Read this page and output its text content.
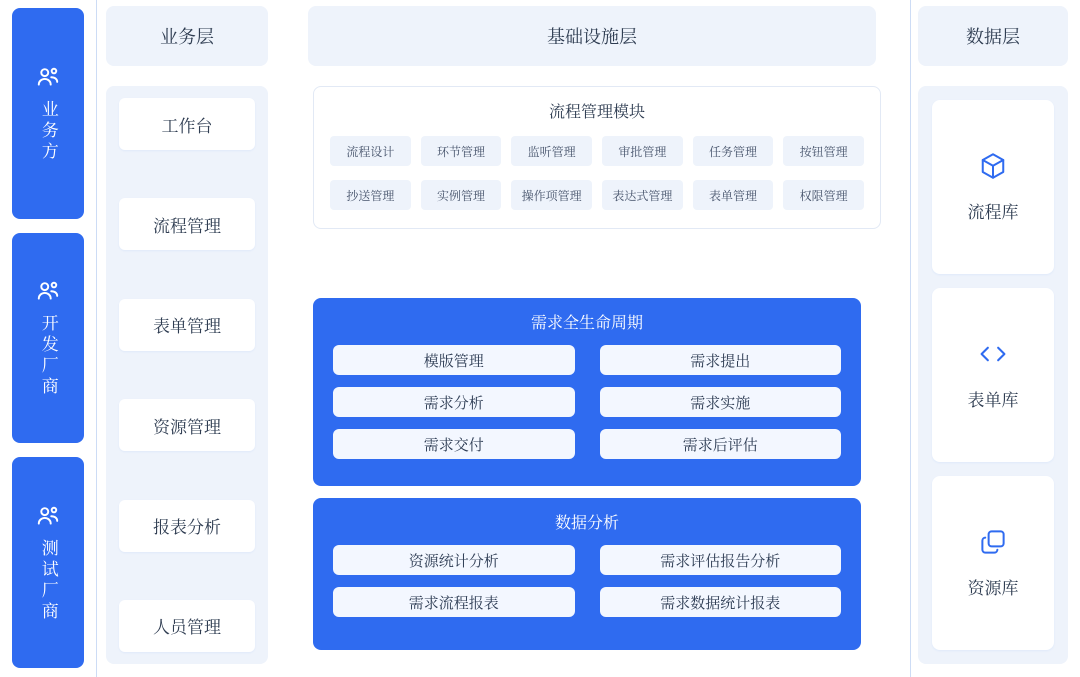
业务方
开发厂商
测试厂商
业务层	基础设施层	数据层
工作台
流程管理
表单管理
资源管理
报表分析
人员管理
流程管理模块
流程设计	环节管理	监听管理	审批管理	任务管理	按钮管理
抄送管理	实例管理	操作项管理	表达式管理	表单管理	权限管理
需求全生命周期
模版管理	需求提出
需求分析	需求实施
需求交付	需求后评估
数据分析
资源统计分析	需求评估报告分析
需求流程报表	需求数据统计报表
流程库
表单库
资源库
